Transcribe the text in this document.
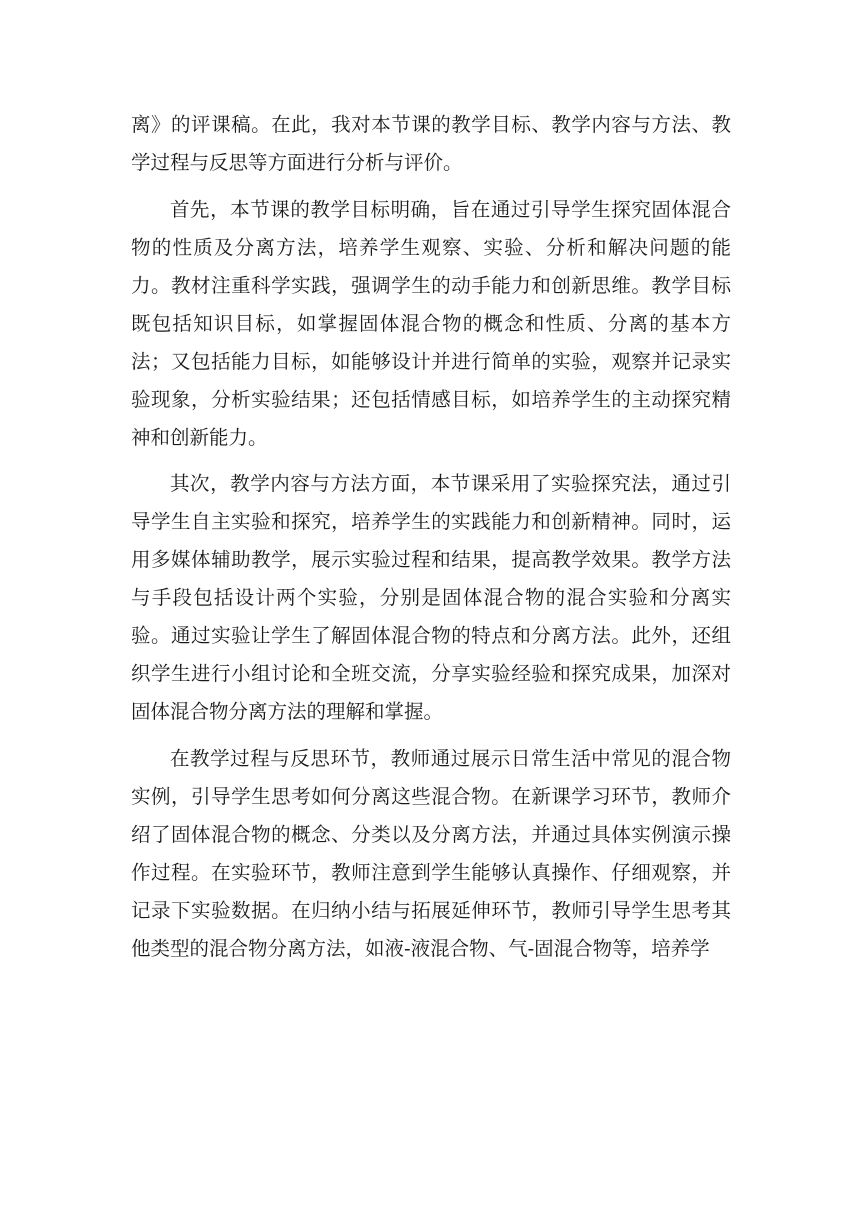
离》的评课稿。在此，我对本节课的教学目标、教学内容与方法、教学过程与反思等方面进行分析与评价。

首先，本节课的教学目标明确，旨在通过引导学生探究固体混合物的性质及分离方法，培养学生观察、实验、分析和解决问题的能力。教材注重科学实践，强调学生的动手能力和创新思维。教学目标既包括知识目标，如掌握固体混合物的概念和性质、分离的基本方法；又包括能力目标，如能够设计并进行简单的实验，观察并记录实验现象，分析实验结果；还包括情感目标，如培养学生的主动探究精神和创新能力。

其次，教学内容与方法方面，本节课采用了实验探究法，通过引导学生自主实验和探究，培养学生的实践能力和创新精神。同时，运用多媒体辅助教学，展示实验过程和结果，提高教学效果。教学方法与手段包括设计两个实验，分别是固体混合物的混合实验和分离实验。通过实验让学生了解固体混合物的特点和分离方法。此外，还组织学生进行小组讨论和全班交流，分享实验经验和探究成果，加深对固体混合物分离方法的理解和掌握。

在教学过程与反思环节，教师通过展示日常生活中常见的混合物实例，引导学生思考如何分离这些混合物。在新课学习环节，教师介绍了固体混合物的概念、分类以及分离方法，并通过具体实例演示操作过程。在实验环节，教师注意到学生能够认真操作、仔细观察，并记录下实验数据。在归纳小结与拓展延伸环节，教师引导学生思考其他类型的混合物分离方法，如液-液混合物、气-固混合物等，培养学
